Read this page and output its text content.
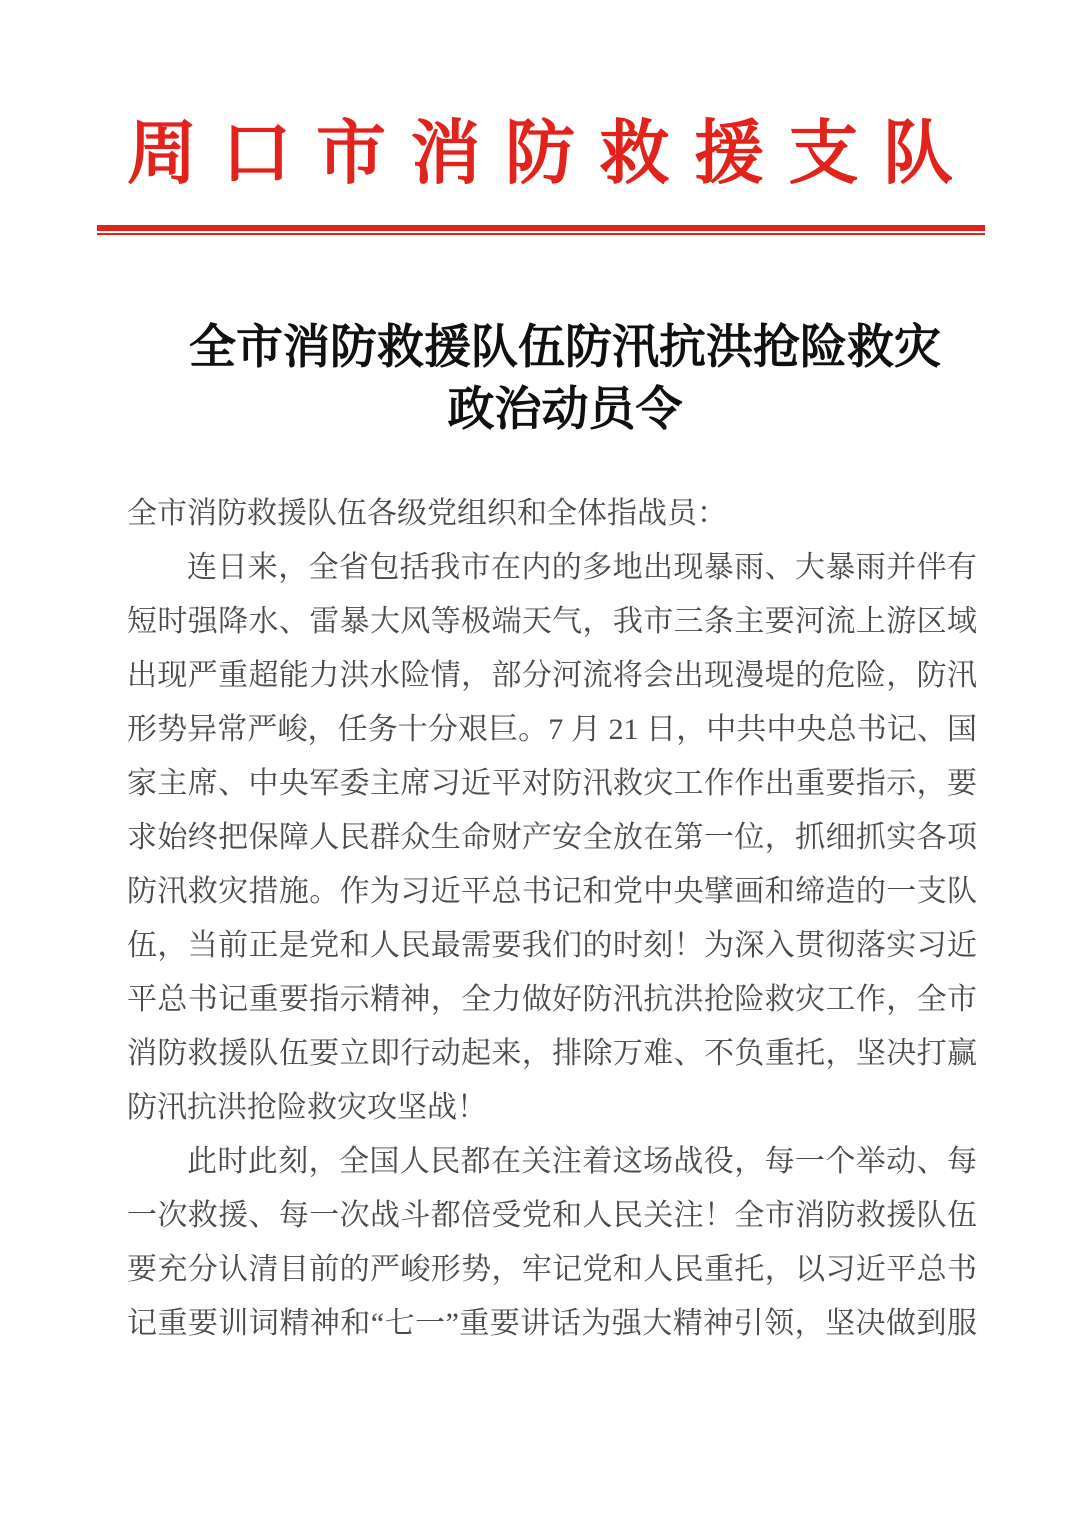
周口市消防救援支队
全市消防救援队伍防汛抗洪抢险救灾
政治动员令
全市消防救援队伍各级党组织和全体指战员：
连日来，全省包括我市在内的多地出现暴雨、大暴雨并伴有
短时强降水、雷暴大风等极端天气，我市三条主要河流上游区域
出现严重超能力洪水险情，部分河流将会出现漫堤的危险，防汛
形势异常严峻，任务十分艰巨。7 月 21 日，中共中央总书记、国
家主席、中央军委主席习近平对防汛救灾工作作出重要指示，要
求始终把保障人民群众生命财产安全放在第一位，抓细抓实各项
防汛救灾措施。作为习近平总书记和党中央擘画和缔造的一支队
伍，当前正是党和人民最需要我们的时刻！为深入贯彻落实习近
平总书记重要指示精神，全力做好防汛抗洪抢险救灾工作，全市
消防救援队伍要立即行动起来，排除万难、不负重托，坚决打赢
防汛抗洪抢险救灾攻坚战！
此时此刻，全国人民都在关注着这场战役，每一个举动、每
一次救援、每一次战斗都倍受党和人民关注！全市消防救援队伍
要充分认清目前的严峻形势，牢记党和人民重托，以习近平总书
记重要训词精神和“七一”重要讲话为强大精神引领，坚决做到服
